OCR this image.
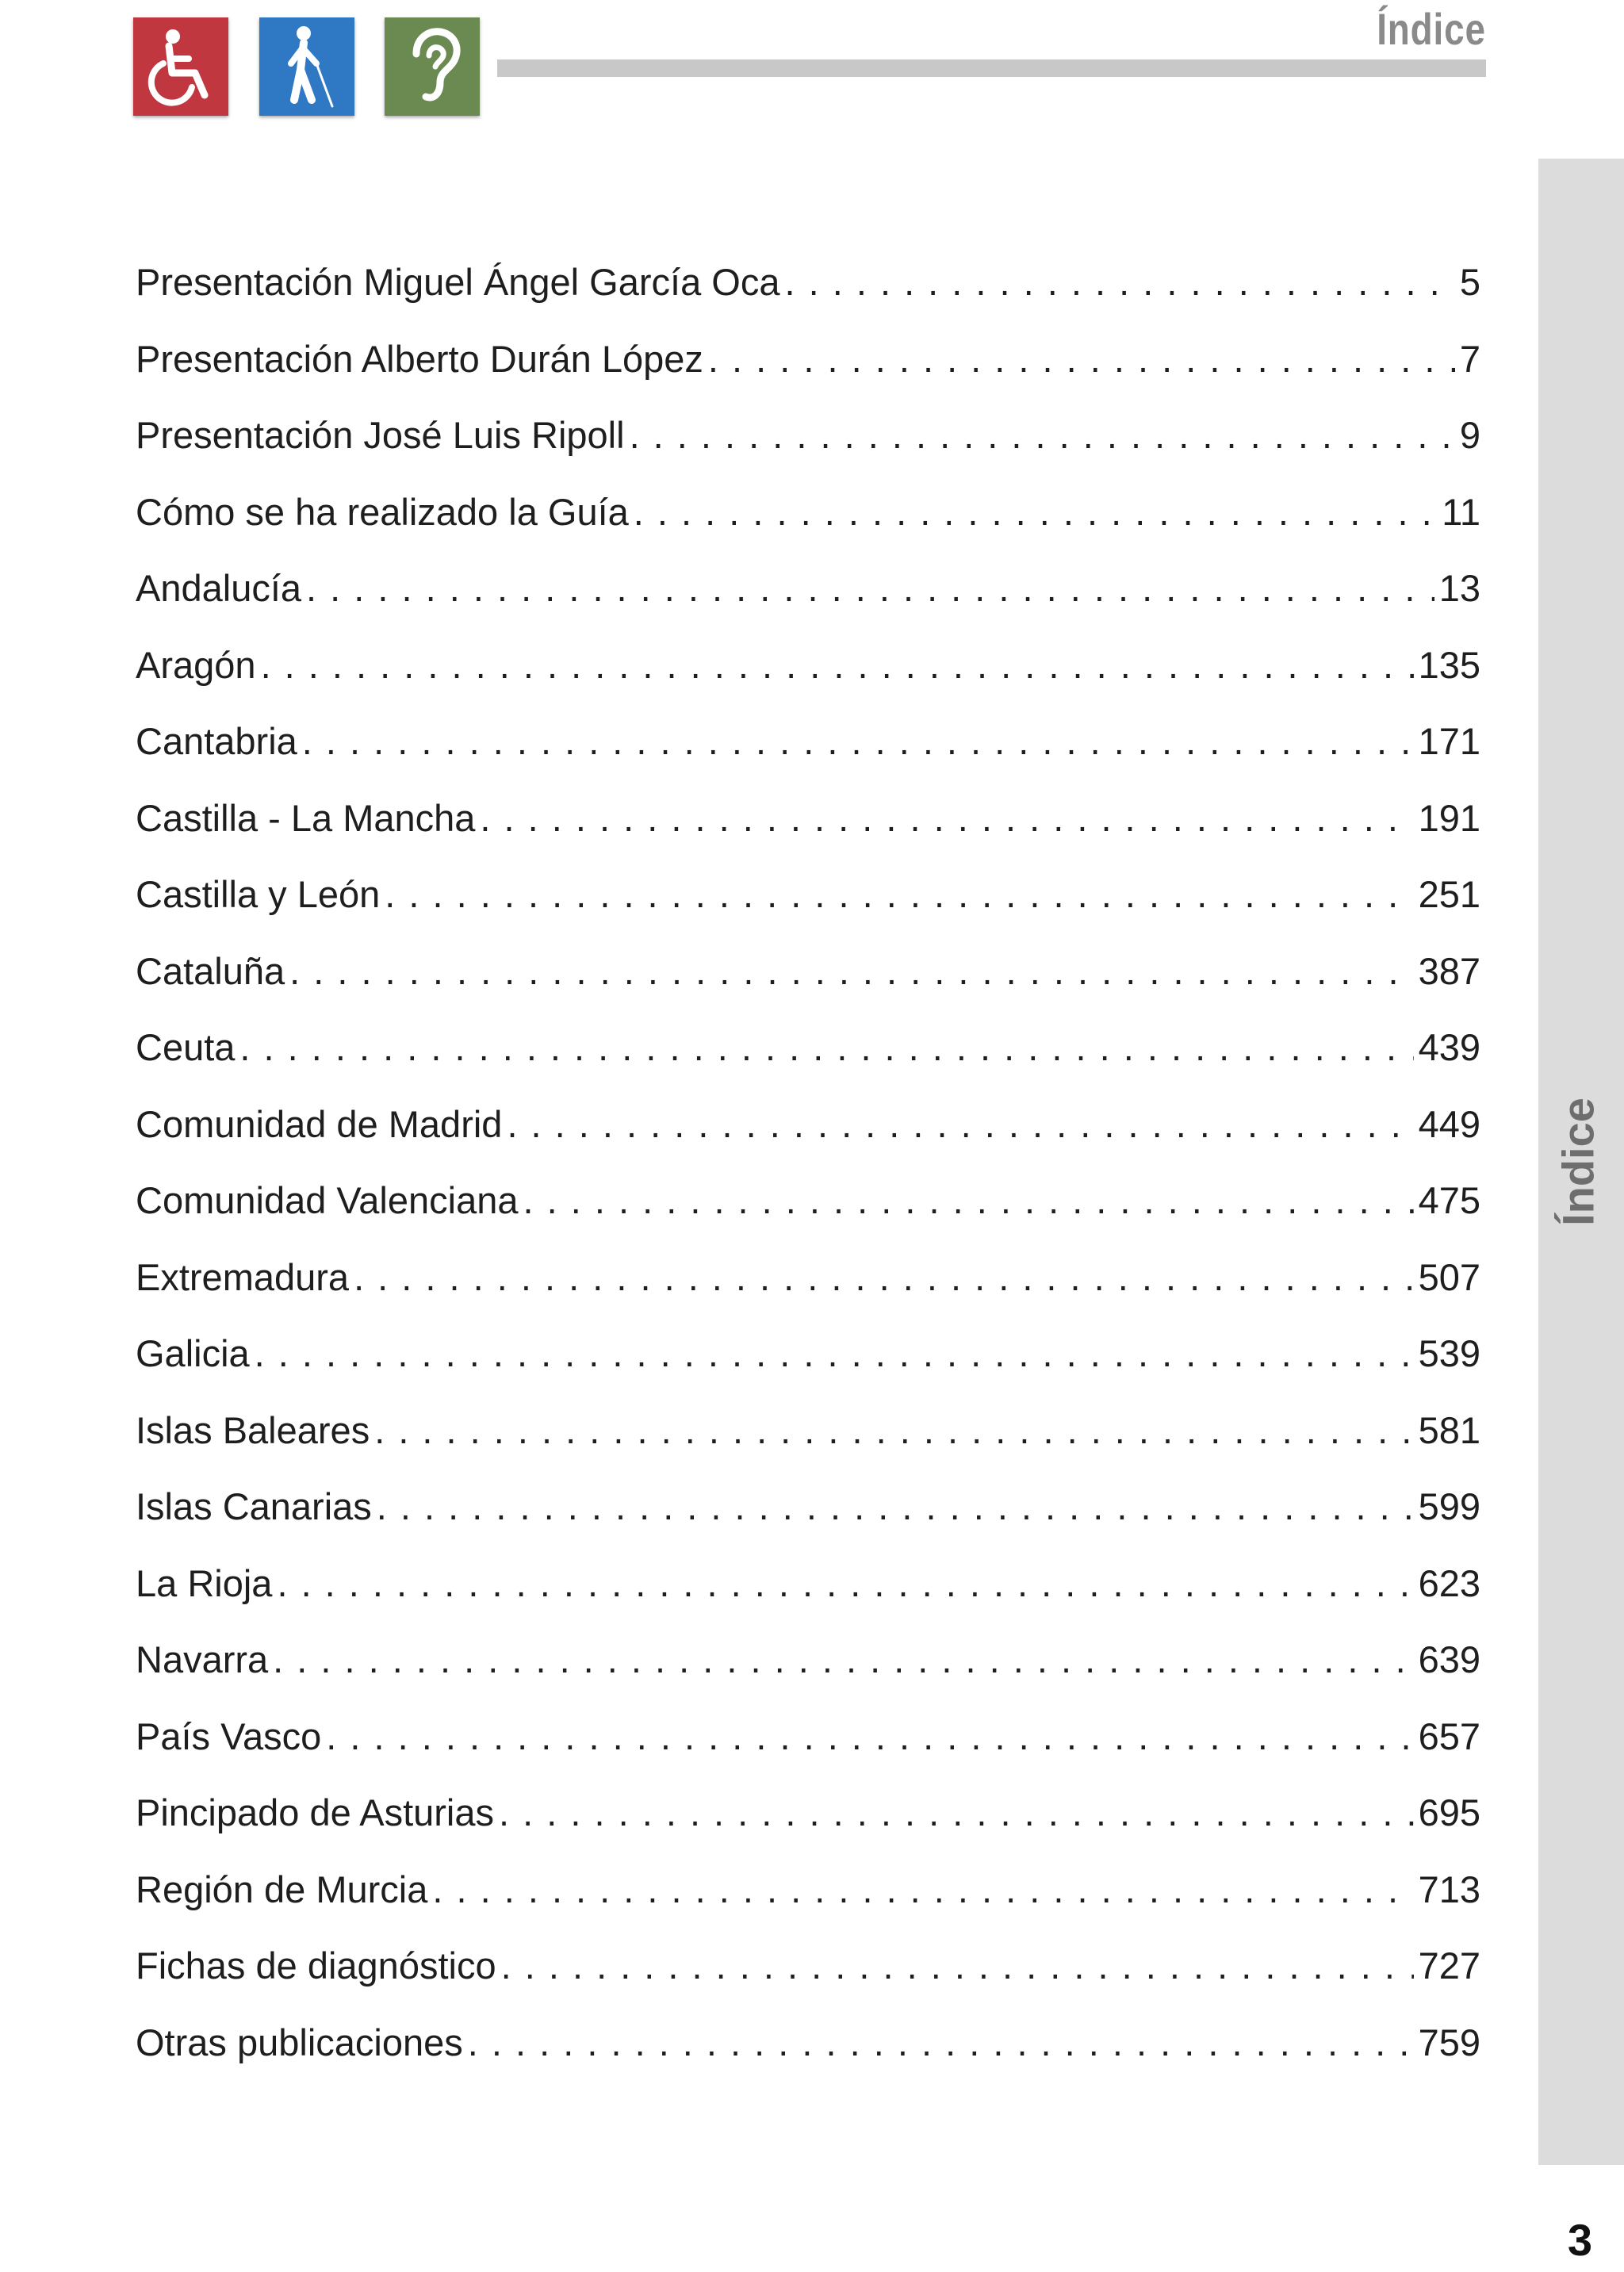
Índice
Índice
Presentación Miguel Ángel García Oca . . .	5
Presentación Alberto Durán López . . .	7
Presentación José Luis Ripoll . . .	9
Cómo se ha realizado la Guía . . .	11
Andalucía . . .	13
Aragón . . .	135
Cantabria . . .	171
Castilla - La Mancha . . .	191
Castilla y León . . .	251
Cataluña . . .	387
Ceuta . . .	439
Comunidad de Madrid . . .	449
Comunidad Valenciana . . .	475
Extremadura . . .	507
Galicia . . .	539
Islas Baleares . . .	581
Islas Canarias . . .	599
La Rioja . . .	623
Navarra . . .	639
País Vasco . . .	657
Pincipado de Asturias . . .	695
Región de Murcia . . .	713
Fichas de diagnóstico . . .	727
Otras publicaciones . . .	759
3
